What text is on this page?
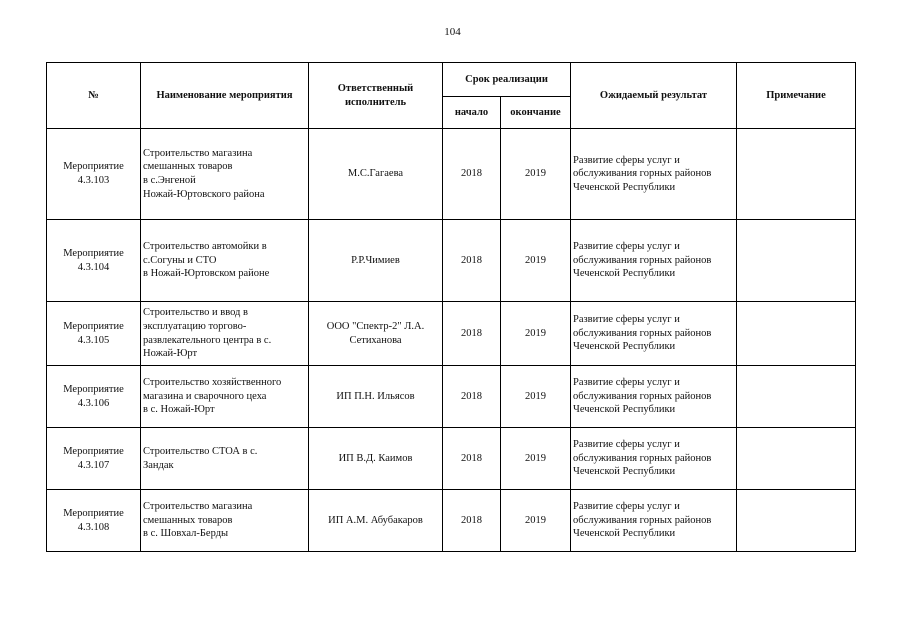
104
№	Наименование мероприятия	Ответственный исполнитель	Срок реализации		Ожидаемый результат	Примечание
			начало	окончание		

Мероприятие
4.3.103	Строительство магазина
смешанных товаров
в с.Энгеной
Ножай-Юртовского района	М.С.Гагаева	2018	2019	Развитие сферы услуг и
обслуживания горных районов
Чеченской Республики	

Мероприятие
4.3.104	Строительство автомойки в
с.Согуны и СТО
в Ножай-Юртовском районе	Р.Р.Чимиев	2018	2019	Развитие сферы услуг и
обслуживания горных районов
Чеченской Республики	

Мероприятие
4.3.105	Строительство и ввод в
эксплуатацию торгово-
развлекательного центра в с.
Ножай-Юрт	ООО "Спектр-2" Л.А.
Сетиханова	2018	2019	Развитие сферы услуг и
обслуживания горных районов
Чеченской Республики	

Мероприятие
4.3.106	Строительство хозяйственного
магазина и сварочного цеха
в с. Ножай-Юрт	ИП П.Н. Ильясов	2018	2019	Развитие сферы услуг и
обслуживания горных районов
Чеченской Республики	

Мероприятие
4.3.107	Строительство СТОА в с.
Зандак	ИП В.Д. Каимов	2018	2019	Развитие сферы услуг и
обслуживания горных районов
Чеченской Республики	

Мероприятие
4.3.108	Строительство магазина
смешанных товаров
в с. Шовхал-Берды	ИП А.М. Абубакаров	2018	2019	Развитие сферы услуг и
обслуживания горных районов
Чеченской Республики	
